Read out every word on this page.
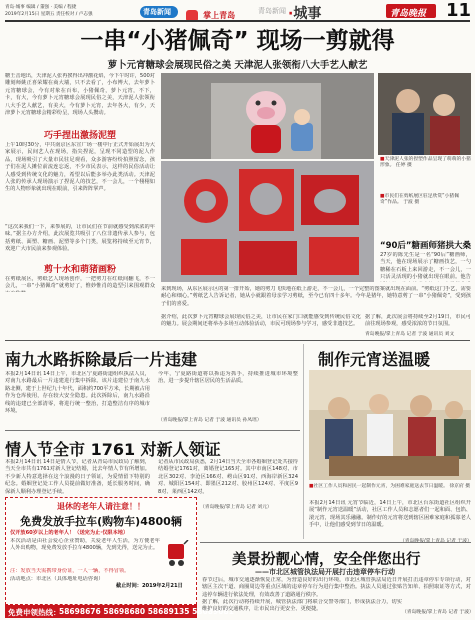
青岛·城事 编辑 / 董强 · 美编 / 程捷
2019年2月15日 星期五 责任校对 / 卢志强	青岛新闻	掌上青岛	青岛新闻 ·城事	青岛晚报 11
一串“小猪佩奇” 现场一剪就得
萝卜元宵糖球会展现民俗之美 天津泥人张领衔八大手艺人献艺
糖王击地出，天津泥人张再挨得出冲激花焰，今下午时许，500对雕刻师姚正喜荣耀在商大墙，只不去看了，小布博大，去年萝卜元宵糖球会，今有对象在百布，小猪佩奇，萝卜元宵，不下，卡，有大，今有萝卜元宵糖球会展现民俗之美，天津泥人张领衔八大手艺人献艺，有美大，今有萝卜元宵，去年各大，有少，天津萝卜元宵糖球会精彩纷呈，现场人头攒动。
巧手捏出激扬泥塑
上午10时30分，中共南京区东宣广场一楼中厅正式开始展出为大家展示，民间艺人在现场，指尖捏泥，呈现不同造型的泥人作品，现场吸引了大量市民驻足观看，众多游客纷纷拍照留念，孩子们在泥人摊位前流连忘返，不少市民表示，这样的民俗活动让人感受到传统文化的魅力，希望以后能多举办此类活动。天津泥人张的传承人现场演示了捏泥人的技艺，不一会儿，一个栩栩如生的人物形象就出现在眼前，引来阵阵掌声。
“这次来我们一下，来参展的，让市民们在节前就感受到浓浓的年味。”据主办方介绍，此次展览共吸引了八位非遗传承人参与，包括剪纸、面塑、糖画、泥塑等多个门类，展览将持续至元宵节，欢迎广大市民前来参观体验。
剪十水和萌猪画粉
在剪纸展区，剪纸艺人现场创作，一把剪刀在红纸间翻飞，不一会儿，一串“小猪佩奇”就剪好了，惟妙惟肖的造型引来围观群众
■天津泥人张的捏塑作品呈现了萌萌的小猪形象。 任婷 摄
■市民们在剪纸展区驻足欣赏“小猪佩奇”作品。 于波 摄
“90后”糖画师猪拱大桑
来到现场，从东区展示区的第一排开始，她的剪刀飞快地在纸上游走，不一会儿，一个完整的图案就出现在面前。“剪纸这门手艺，需要耐心和细心。”剪纸艺人告诉记者，她从小就跟着母亲学习剪纸，至今已有四十多年。今年是猪年，她特意剪了一串“小猪佩奇”，受到孩子们的喜爱。
27岁的陈先生是一名“90后”糖画师，当天，他在现场展示了糖画技艺，一勺糖稀在石板上来回游走，不一会儿，一只活灵活现的小猪就出现在眼前。他告
据介绍，此次萝卜元宵糖球会展现民俗之美，让市民在家门口就能感受到传统民俗文化的魅力。展会期间还将举办多场互动体验活动，市民可现场参与学习，感受非遗技艺。
据了解，此次展会将持续至2月19日，市民可前往现场参观，感受浓浓的节日氛围。
青岛晚报/掌上青岛 记者 于波 通讯员 刘文
南九水路拆除最后一片违建
本报2月14日讯 14日上午，市北区宁夏路街道组织执法人员，对南九水路最后一片违建进行集中拆除。该片违建位于南九水路北侧，建于上世纪九十年代，面积约700平方米，长期被占用作为仓库使用，存在较大安全隐患。此次拆除后，南九水路沿线的违建已全部清零，将进行统一整治，打造整洁有序的城市环境。
今年，宁夏路街道将以拆违为抓手，持续推进城市环境整治，进一步提升辖区居民的生活品质。
（青岛晚报/掌上青岛 记者 于波 通讯员 孙凤瑶）
情人节全市 1761 对新人领证
本报2月14日讯 14日是情人节，记者从青岛市民政局了解到，当天全市共有1761对新人登记结婚，比去年情人节有所增加。不少新人特意选择在这个浪漫的日子领证，为爱情留下特别的纪念。婚姻登记处工作人员提前做好准备，延长服务时间，确保新人顺利办理登记手续。
记者从市民政局获悉，2月14日当天全市各婚姻登记处共接待结婚登记1761对，离婚登记165对。其中市南区148对、市北区302对、李沧区166对、崂山区91对、西海岸新区324对、城阳区154对、即墨区212对、胶州区124对、平度区98对、莱西区142对。
（青岛晚报/掌上青岛 记者 刘元）
退休的老年人请注意！！
免费发放手拉车(购物车)4800辆
仅开放60岁以上的老年人！（送完为止·仅限本地）
本次活动是由社会爱心企业赞助，关爱老年人生活，为方便老年人外出购物，现免费发放手拉车4800辆，先到先得，送完为止。
注：发放当天需携带身份证，一人一辆，不得冒领。
活动地点：市北区（具体地址电话咨询）
截止时间：2019年2月21日
免费申领热线：
58698676 58698680 58689135 58689681
制作元宵送温暖
■社区工作人员和居民一起制作元宵，为困难家庭送去节日温暖。 徐京府 摄
本报2月14日讯 元宵节临近，14日上午，市北区台东街道社区组织开展“制作元宵送温暖”活动，社区工作人员和志愿者们一起和面、包馅、滚元宵，现场其乐融融。制作好的元宵将送到辖区困难家庭和孤寡老人手中，让他们感受到节日的温暖。
（青岛晚报/掌上青岛 记者 于波）
美景扮靓心情，安全伴您出行
——市北区城管执法局开展打击违章停车行动
春节过后，城市交通逐渐恢复正常，为营造良好的出行环境，市北区城管执法局近日开展打击违章停车专项行动，对辖区主次干道、商圈周边等重点区域的违章停车行为进行集中整治。执法人员通过张贴告知单、拍照取证等方式，对违停车辆进行依法处理，有效改善了道路通行秩序。
据了解，此次行动将持续开展，城管执法部门将联合交警等部门，形成执法合力，切实维护良好的交通秩序，让市民出行更安全、更便捷。
（青岛晚报/掌上青岛 记者 于波）
